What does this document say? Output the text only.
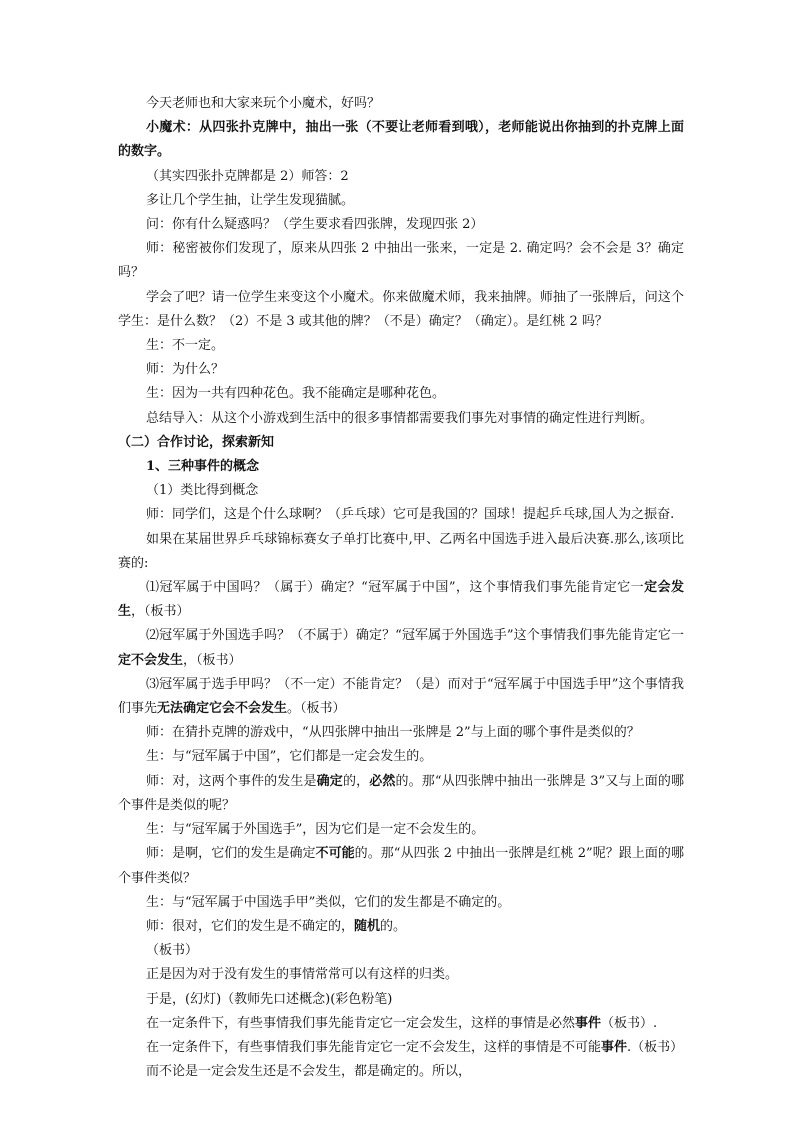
今天老师也和大家来玩个小魔术，好吗？

小魔术：从四张扑克牌中，抽出一张（不要让老师看到哦），老师能说出你抽到的扑克牌上面的数字。

（其实四张扑克牌都是 2）师答：2

多让几个学生抽，让学生发现猫腻。

问：你有什么疑惑吗？（学生要求看四张牌，发现四张 2）

师：秘密被你们发现了，原来从四张 2 中抽出一张来，一定是 2. 确定吗？会不会是 3？确定吗？

学会了吧？请一位学生来变这个小魔术。你来做魔术师，我来抽牌。师抽了一张牌后，问这个学生：是什么数？（2）不是 3 或其他的牌？（不是）确定？（确定）。是红桃 2 吗？

生：不一定。

师：为什么？

生：因为一共有四种花色。我不能确定是哪种花色。

总结导入：从这个小游戏到生活中的很多事情都需要我们事先对事情的确定性进行判断。

（二）合作讨论，探索新知

1、三种事件的概念

（1）类比得到概念

师：同学们，这是个什么球啊？（乒乓球）它可是我国的？国球！提起乒乓球,国人为之振奋.

如果在某届世界乒乓球锦标赛女子单打比赛中,甲、乙两名中国选手进入最后决赛.那么,该项比赛的:

⑴冠军属于中国吗？（属于）确定？“冠军属于中国”，这个事情我们事先能肯定它一定会发生，（板书）

⑵冠军属于外国选手吗？（不属于）确定？“冠军属于外国选手”这个事情我们事先能肯定它一定不会发生，（板书）

⑶冠军属于选手甲吗？（不一定）不能肯定？（是）而对于“冠军属于中国选手甲”这个事情我们事先无法确定它会不会发生。（板书）

师：在猜扑克牌的游戏中，“从四张牌中抽出一张牌是 2”与上面的哪个事件是类似的？

生：与“冠军属于中国”，它们都是一定会发生的。

师：对，这两个事件的发生是确定的，必然的。那“从四张牌中抽出一张牌是 3”又与上面的哪个事件是类似的呢？

生：与“冠军属于外国选手”，因为它们是一定不会发生的。

师：是啊，它们的发生是确定不可能的。那“从四张 2 中抽出一张牌是红桃 2”呢？跟上面的哪个事件类似？

生：与“冠军属于中国选手甲”类似，它们的发生都是不确定的。

师：很对，它们的发生是不确定的，随机的。

（板书）

正是因为对于没有发生的事情常常可以有这样的归类。

于是，(幻灯)（教师先口述概念)(彩色粉笔)

在一定条件下，有些事情我们事先能肯定它一定会发生，这样的事情是必然事件（板书）.

在一定条件下，有些事情我们事先能肯定它一定不会发生，这样的事情是不可能事件.（板书）

而不论是一定会发生还是不会发生，都是确定的。所以，
